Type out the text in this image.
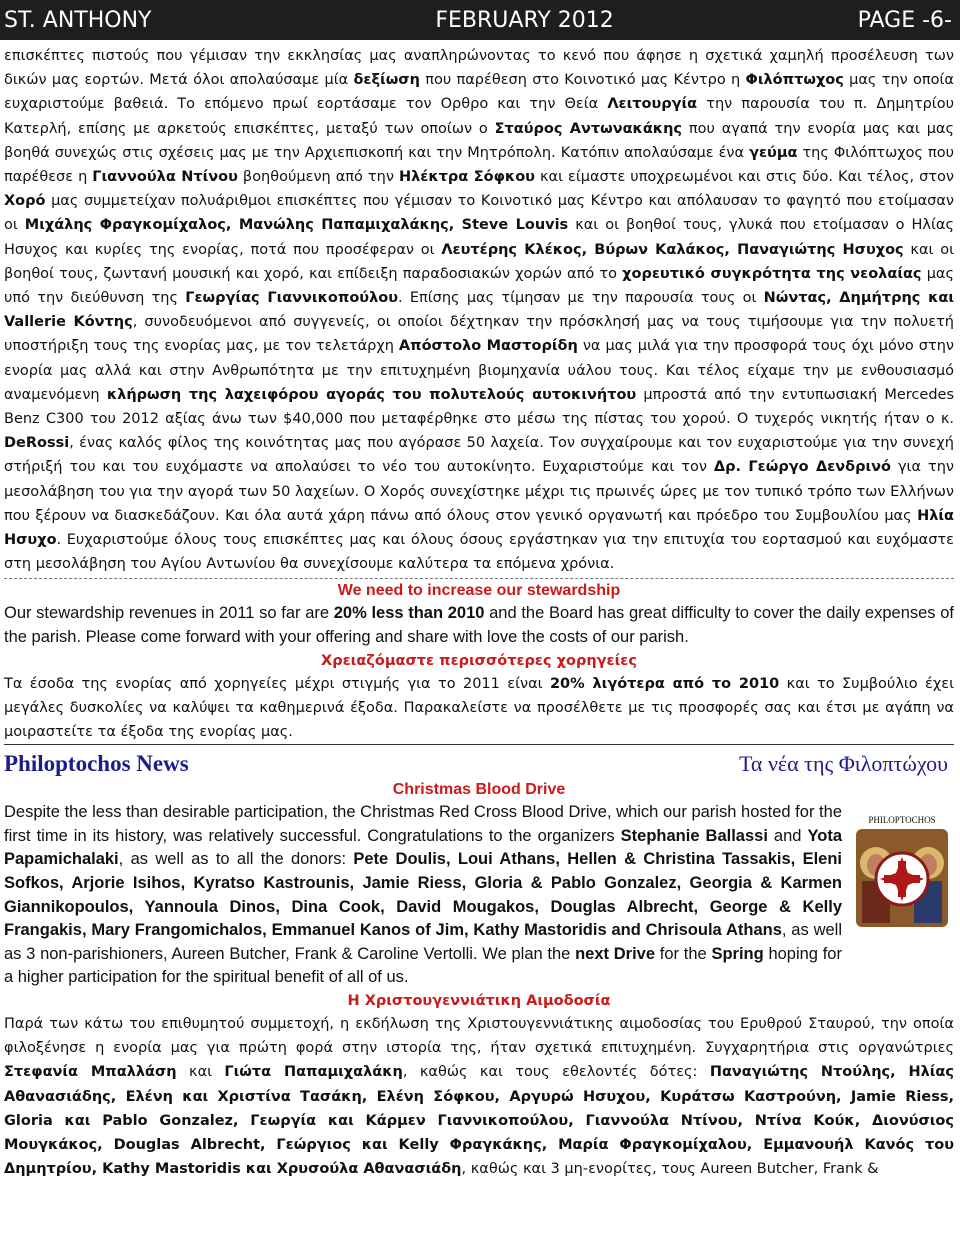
ST. ANTHONY	FEBRUARY 2012	PAGE -6-

επισκέπτες πιστούς που γέμισαν την εκκλησίας μας αναπληρώνοντας το κενό που άφησε η σχετικά χαμηλή προσέλευση των δικών μας εορτών. Μετά όλοι απολαύσαμε μία δεξίωση που παρέθεση στο Κοινοτικό μας Κέντρο η Φιλόπτωχος μας την οποία ευχαριστούμε βαθειά. Το επόμενο πρωί εορτάσαμε τον Ορθρο και την Θεία Λειτουργία την παρουσία του π. Δημητρίου Κατερλή, επίσης με αρκετούς επισκέπτες, μεταξύ των οποίων ο Σταύρος Αντωνακάκης που αγαπά την ενορία μας και μας βοηθά συνεχώς στις σχέσεις μας με την Αρχιεπισκοπή και την Μητρόπολη. Κατόπιν απολαύσαμε ένα γεύμα της Φιλόπτωχος που παρέθεσε η Γιαννούλα Ντίνου βοηθούμενη από την Ηλέκτρα Σόφκου και είμαστε υποχρεωμένοι και στις δύο. Και τέλος, στον Χορό μας συμμετείχαν πολυάριθμοι επισκέπτες που γέμισαν το Κοινοτικό μας Κέντρο και απόλαυσαν το φαγητό που ετοίμασαν οι Μιχάλης Φραγκομίχαλος, Μανώλης Παπαμιχαλάκης, Steve Louvis και οι βοηθοί τους, γλυκά που ετοίμασαν ο Ηλίας Ησυχος και κυρίες της ενορίας, ποτά που προσέφεραν οι Λευτέρης Κλέκος, Βύρων Καλάκος, Παναγιώτης Ησυχος και οι βοηθοί τους, ζωντανή μουσική και χορό, και επίδειξη παραδοσιακών χορών από το χορευτικό συγκρότητα της νεολαίας μας υπό την διεύθυνση της Γεωργίας Γιαννικοπούλου. Επίσης μας τίμησαν με την παρουσία τους οι Νώντας, Δημήτρης και Vallerie Κόντης, συνοδευόμενοι από συγγενείς, οι οποίοι δέχτηκαν την πρόσκλησή μας να τους τιμήσουμε για την πολυετή υποστήριξη τους της ενορίας μας, με τον τελετάρχη Απόστολο Μαστορίδη να μας μιλά για την προσφορά τους όχι μόνο στην ενορία μας αλλά και στην Ανθρωπότητα με την επιτυχημένη βιομηχανία υάλου τους. Και τέλος είχαμε την με ενθουσιασμό αναμενόμενη κλήρωση της λαχειφόρου αγοράς του πολυτελούς αυτοκινήτου μπροστά από την εντυπωσιακή Mercedes Benz C300 του 2012 αξίας άνω των $40,000 που μεταφέρθηκε στο μέσω της πίστας του χορού. Ο τυχερός νικητής ήταν ο κ. DeRossi, ένας καλός φίλος της κοινότητας μας που αγόρασε 50 λαχεία. Τον συγχαίρουμε και τον ευχαριστούμε για την συνεχή στήριξή του και του ευχόμαστε να απολαύσει το νέο του αυτοκίνητο. Ευχαριστούμε και τον Δρ. Γεώργο Δενδρινό για την μεσολάβηση του για την αγορά των 50 λαχείων. Ο Χορός συνεχίστηκε μέχρι τις πρωινές ώρες με τον τυπικό τρόπο των Ελλήνων που ξέρουν να διασκεδάζουν. Και όλα αυτά χάρη πάνω από όλους στον γενικό οργανωτή και πρόεδρο του Συμβουλίου μας Ηλία Ησυχο. Ευχαριστούμε όλους τους επισκέπτες μας και όλους όσους εργάστηκαν για την επιτυχία του εορτασμού και ευχόμαστε στη μεσολάβηση του Αγίου Αντωνίου θα συνεχίσουμε καλύτερα τα επόμενα χρόνια.

We need to increase our stewardship

Our stewardship revenues in 2011 so far are 20% less than 2010 and the Board has great difficulty to cover the daily expenses of the parish. Please come forward with your offering and share with love the costs of our parish.

Χρειαζόμαστε περισσότερες χορηγείες

Τα έσοδα της ενορίας από χορηγείες μέχρι στιγμής για το 2011 είναι 20% λιγότερα από το 2010 και το Συμβούλιο έχει μεγάλες δυσκολίες να καλύψει τα καθημερινά έξοδα. Παρακαλείστε να προσέλθετε με τις προσφορές σας και έτσι με αγάπη να μοιραστείτε τα έξοδα της ενορίας μας.

Philoptochos News	Τα νέα της Φιλοπτώχου
Christmas Blood Drive

Despite the less than desirable participation, the Christmas Red Cross Blood Drive, which our parish hosted for the first time in its history, was relatively successful. Congratulations to the organizers Stephanie Ballassi and Yota Papamichalaki, as well as to all the donors: Pete Doulis, Loui Athans, Hellen & Christina Tassakis, Eleni Sofkos, Arjorie Isihos, Kyratso Kastrounis, Jamie Riess, Gloria & Pablo Gonzalez, Georgia & Karmen Giannikopoulos, Yannoula Dinos, Dina Cook, David Mougakos, Douglas Albrecht, George & Kelly Frangakis, Mary Frangomichalos, Emmanuel Kanos of Jim, Kathy Mastoridis and Chrisoula Athans, as well as 3 non-parishioners, Aureen Butcher, Frank & Caroline Vertolli. We plan the next Drive for the Spring hoping for a higher participation for the spiritual benefit of all of us.

PHILOPTOCHOS
Η Χριστουγεννιάτικη Αιμοδοσία

Παρά των κάτω του επιθυμητού συμμετοχή, η εκδήλωση της Χριστουγεννιάτικης αιμοδοσίας του Ερυθρού Σταυρού, την οποία φιλοξένησε η ενορία μας για πρώτη φορά στην ιστορία της, ήταν σχετικά επιτυχημένη. Συγχαρητήρια στις οργανώτριες Στεφανία Μπαλλάση και Γιώτα Παπαμιχαλάκη, καθώς και τους εθελοντές δότες: Παναγιώτης Ντούλης, Ηλίας Αθανασιάδης, Ελένη και Χριστίνα Τασάκη, Ελένη Σόφκου, Αργυρώ Ησυχου, Κυράτσω Καστρούνη, Jamie Riess, Gloria και Pablo Gonzalez, Γεωργία και Κάρμεν Γιαννικοπούλου, Γιαννούλα Ντίνου, Ντίνα Κούκ, Διονύσιος Μουγκάκος, Douglas Albrecht, Γεώργιος και Kelly Φραγκάκης, Μαρία Φραγκομίχαλου, Εμμανουήλ Κανός του Δημητρίου, Kathy Mastoridis και Χρυσούλα Αθανασιάδη, καθώς και 3 μη-ενορίτες, τους Aureen Butcher, Frank &
